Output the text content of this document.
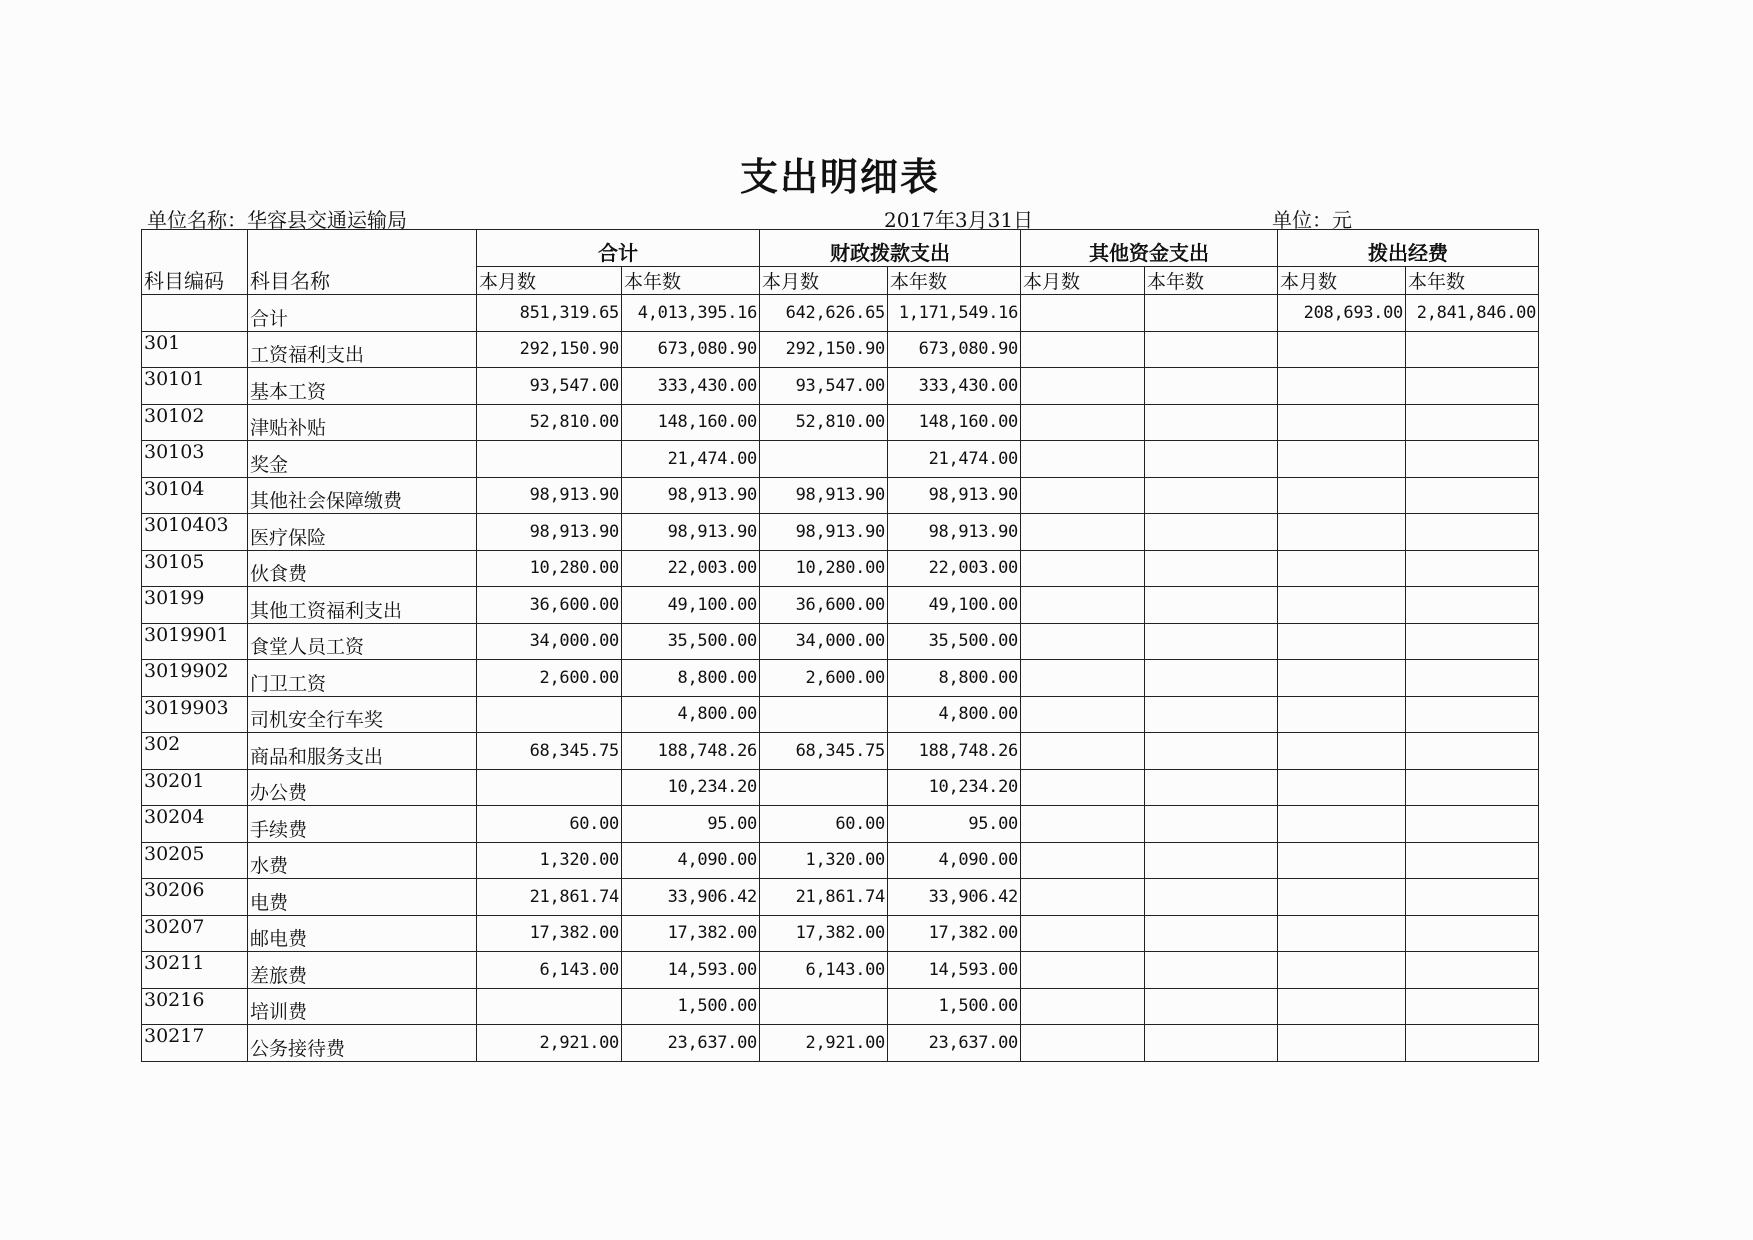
支出明细表
单位名称：华容县交通运输局	2017年3月31日	单位：元
科目编码	科目名称	合计		财政拨款支出		其他资金支出		拨出经费	
		本月数	本年数	本月数	本年数	本月数	本年数	本月数	本年数
	合计	851,319.65	4,013,395.16	642,626.65	1,171,549.16			208,693.00	2,841,846.00
301	工资福利支出	292,150.90	673,080.90	292,150.90	673,080.90				
30101	基本工资	93,547.00	333,430.00	93,547.00	333,430.00				
30102	津贴补贴	52,810.00	148,160.00	52,810.00	148,160.00				
30103	奖金		21,474.00		21,474.00				
30104	其他社会保障缴费	98,913.90	98,913.90	98,913.90	98,913.90				
3010403	医疗保险	98,913.90	98,913.90	98,913.90	98,913.90				
30105	伙食费	10,280.00	22,003.00	10,280.00	22,003.00				
30199	其他工资福利支出	36,600.00	49,100.00	36,600.00	49,100.00				
3019901	食堂人员工资	34,000.00	35,500.00	34,000.00	35,500.00				
3019902	门卫工资	2,600.00	8,800.00	2,600.00	8,800.00				
3019903	司机安全行车奖		4,800.00		4,800.00				
302	商品和服务支出	68,345.75	188,748.26	68,345.75	188,748.26				
30201	办公费		10,234.20		10,234.20				
30204	手续费	60.00	95.00	60.00	95.00				
30205	水费	1,320.00	4,090.00	1,320.00	4,090.00				
30206	电费	21,861.74	33,906.42	21,861.74	33,906.42				
30207	邮电费	17,382.00	17,382.00	17,382.00	17,382.00				
30211	差旅费	6,143.00	14,593.00	6,143.00	14,593.00				
30216	培训费		1,500.00		1,500.00				
30217	公务接待费	2,921.00	23,637.00	2,921.00	23,637.00				
